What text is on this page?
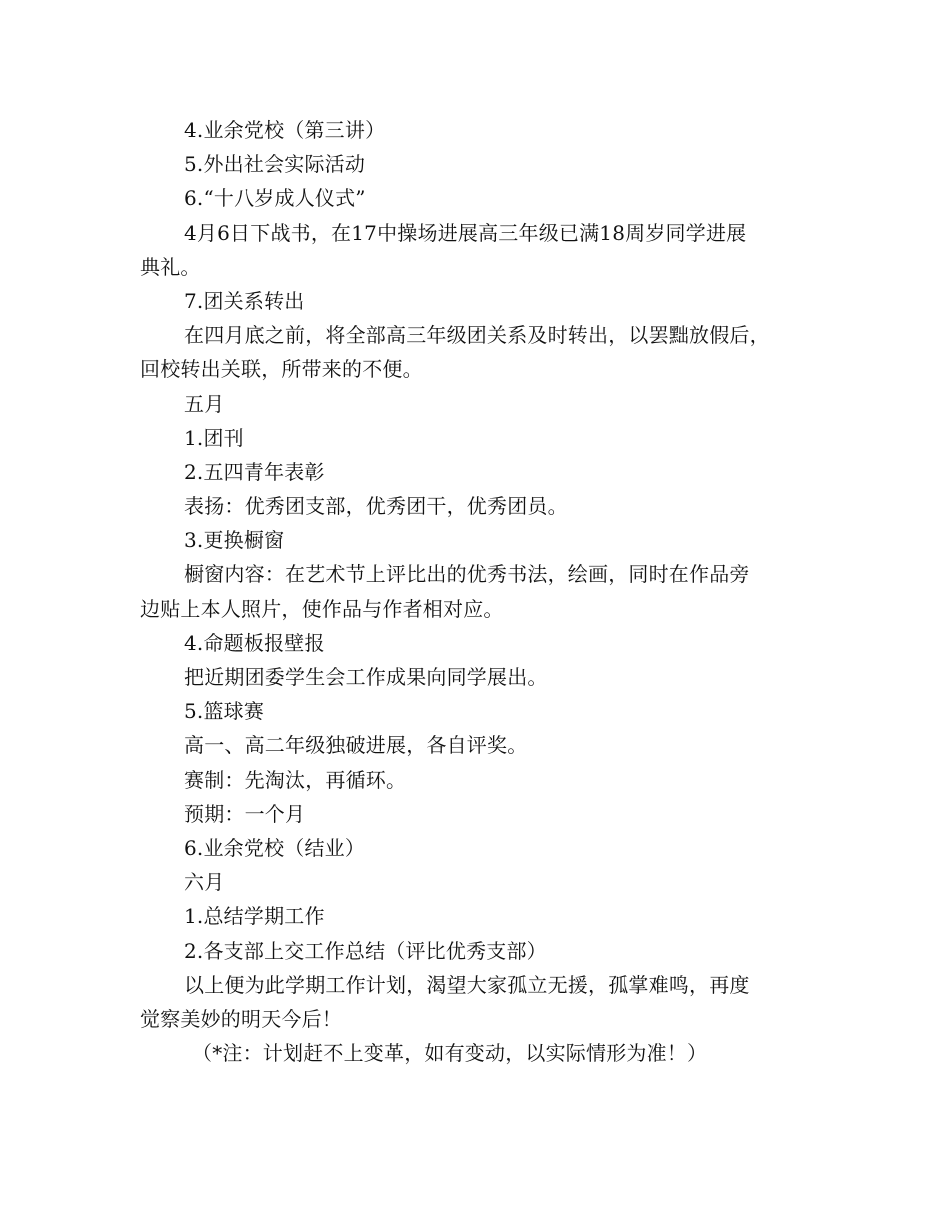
4.业余党校（第三讲）
5.外出社会实际活动
6.“十八岁成人仪式”
4月6日下战书，在17中操场进展高三年级已满18周岁同学进展
典礼。
7.团关系转出
在四月底之前，将全部高三年级团关系及时转出，以罢黜放假后，
回校转出关联，所带来的不便。
五月
1.团刊
2.五四青年表彰
表扬：优秀团支部，优秀团干，优秀团员。
3.更换橱窗
橱窗内容：在艺术节上评比出的优秀书法，绘画，同时在作品旁
边贴上本人照片，使作品与作者相对应。
4.命题板报壁报
把近期团委学生会工作成果向同学展出。
5.篮球赛
高一、高二年级独破进展，各自评奖。
赛制：先淘汰，再循环。
预期：一个月
6.业余党校（结业）
六月
1.总结学期工作
2.各支部上交工作总结（评比优秀支部）
以上便为此学期工作计划，渴望大家孤立无援，孤掌难鸣，再度
觉察美妙的明天今后！
（*注：计划赶不上变革，如有变动，以实际情形为准！）
